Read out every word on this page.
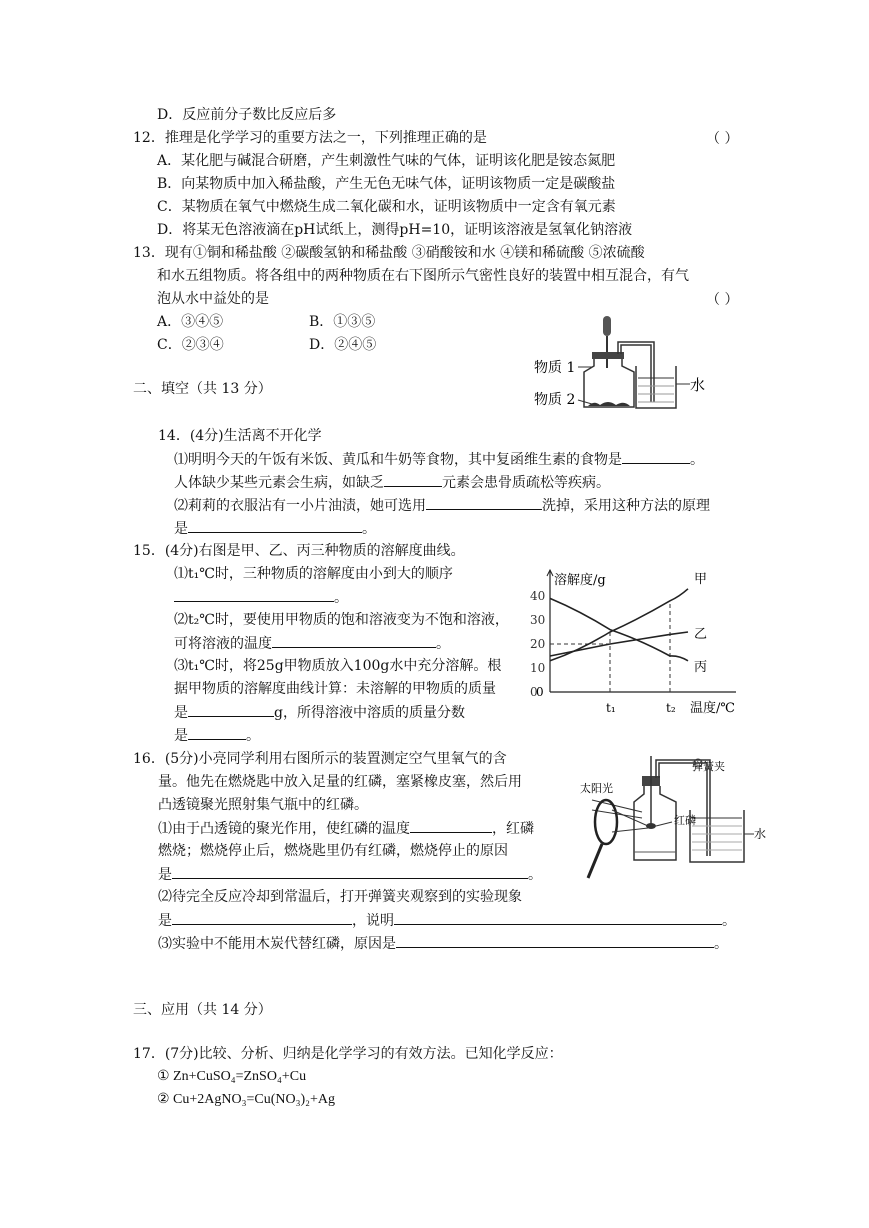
D．反应前分子数比反应后多
12．推理是化学学习的重要方法之一，下列推理正确的是	（ ）
A．某化肥与碱混合研磨，产生刺激性气味的气体，证明该化肥是铵态氮肥
B．向某物质中加入稀盐酸，产生无色无味气体，证明该物质一定是碳酸盐
C．某物质在氧气中燃烧生成二氧化碳和水，证明该物质中一定含有氧元素
D．将某无色溶液滴在pH试纸上，测得pH=10，证明该溶液是氢氧化钠溶液
13．现有①铜和稀盐酸 ②碳酸氢钠和稀盐酸 ③硝酸铵和水 ④镁和稀硫酸 ⑤浓硫酸
和水五组物质。将各组中的两种物质在右下图所示气密性良好的装置中相互混合，有气
泡从水中益处的是	（ ）
A．③④⑤	B．①③⑤
C．②③④	D．②④⑤
物质 1
物质 2
水
二、填空（共 13 分）
14．(4分)生活离不开化学
⑴明明今天的午饭有米饭、黄瓜和牛奶等食物，其中复函维生素的食物是	。
人体缺少某些元素会生病，如缺乏	元素会患骨质疏松等疾病。
⑵莉莉的衣服沾有一小片油渍，她可选用	洗掉，采用这种方法的原理
是	。
15．(4分)右图是甲、乙、丙三种物质的溶解度曲线。
⑴t₁℃时，三种物质的溶解度由小到大的顺序
。
⑵t₂℃时，要使用甲物质的饱和溶液变为不饱和溶液，
可将溶液的温度	。
⑶t₁℃时，将25g甲物质放入100g水中充分溶解。根
据甲物质的溶解度曲线计算：未溶解的甲物质的质量
是	g，所得溶液中溶质的质量分数
是	。
溶解度/g
温度/℃
0
10
20
30
40
t₁	t₂
甲
乙
丙
0
16．(5分)小亮同学利用右图所示的装置测定空气里氧气的含
量。他先在燃烧匙中放入足量的红磷，塞紧橡皮塞，然后用
凸透镜聚光照射集气瓶中的红磷。
⑴由于凸透镜的聚光作用，使红磷的温度	，红磷
燃烧；燃烧停止后，燃烧匙里仍有红磷，燃烧停止的原因
是	。
⑵待完全反应冷却到常温后，打开弹簧夹观察到的实验现象
是	，说明	。
⑶实验中不能用木炭代替红磷，原因是	。
太阳光
弹簧夹
红磷
水
三、应用（共 14 分）
17．(7分)比较、分析、归纳是化学学习的有效方法。已知化学反应：
① Zn+CuSO₄=ZnSO₄+Cu
② Cu+2AgNO₃=Cu(NO₃)₂+Ag
